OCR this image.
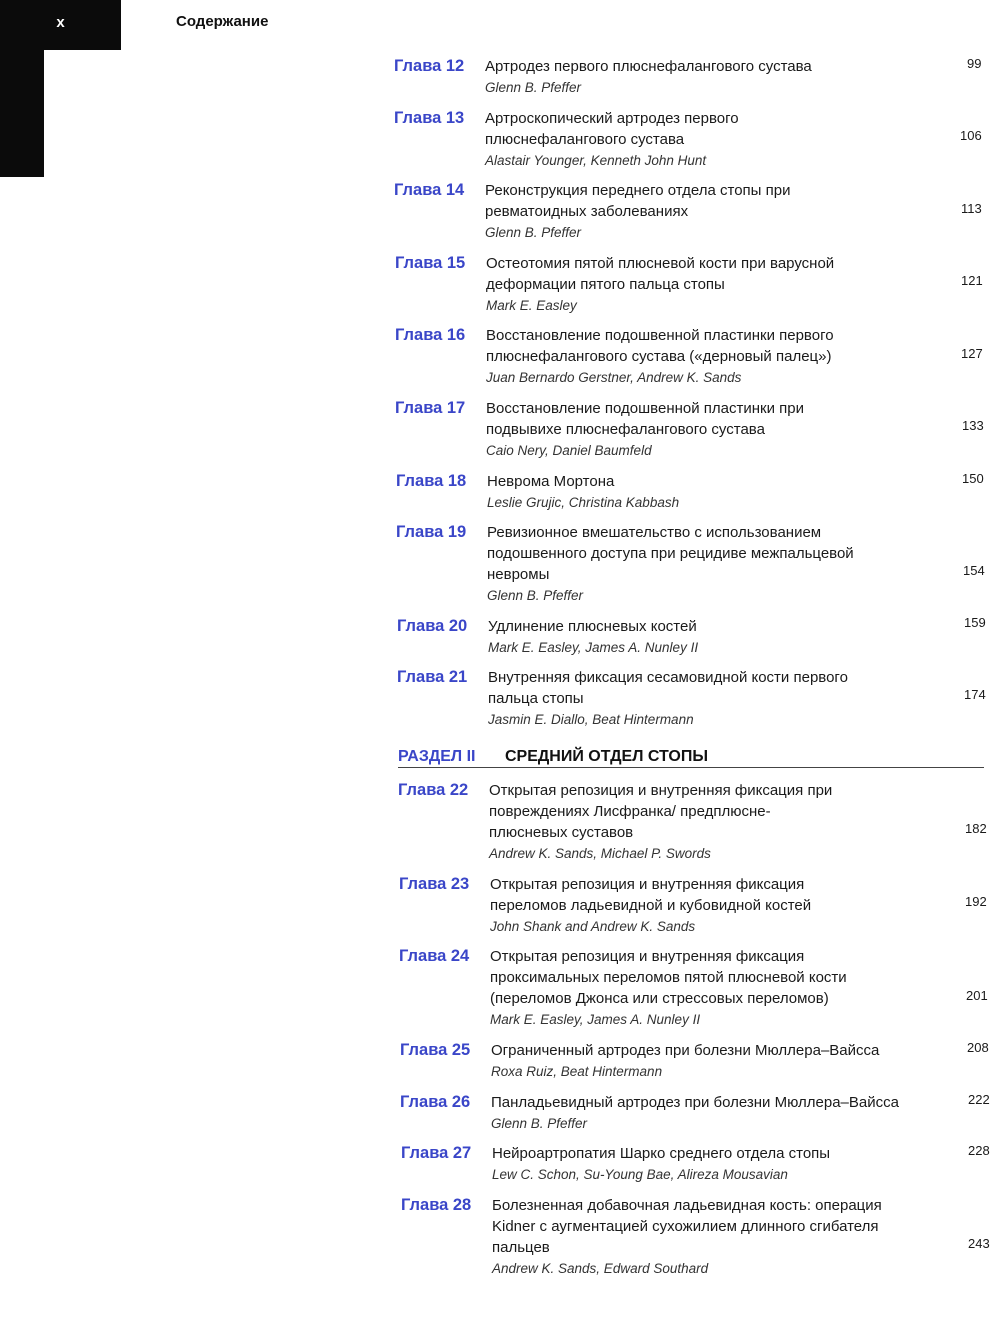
x	Содержание
Глава 12 Артродез первого плюснефалангового сустава
Glenn B. Pfeffer
99
Глава 13 Артроскопический артродез первого плюснефалангового сустава
Alastair Younger, Kenneth John Hunt
106
Глава 14 Реконструкция переднего отдела стопы при ревматоидных заболеваниях
Glenn B. Pfeffer
113
Глава 15 Остеотомия пятой плюсневой кости при варусной деформации пятого пальца стопы
Mark E. Easley
121
Глава 16 Восстановление подошвенной пластинки первого плюснефалангового сустава («дерновый палец»)
Juan Bernardo Gerstner, Andrew K. Sands
127
Глава 17 Восстановление подошвенной пластинки при подвывихе плюснефалангового сустава
Caio Nery, Daniel Baumfeld
133
Глава 18 Неврома Мортона
Leslie Grujic, Christina Kabbash
150
Глава 19 Ревизионное вмешательство с использованием подошвенного доступа при рецидиве межпальцевой невромы
Glenn B. Pfeffer
154
Глава 20 Удлинение плюсневых костей
Mark E. Easley, James A. Nunley II
159
Глава 21 Внутренняя фиксация сесамовидной кости первого пальца стопы
Jasmin E. Diallo, Beat Hintermann
174
РАЗДЕЛ II СРЕДНИЙ ОТДЕЛ СТОПЫ
Глава 22 Открытая репозиция и внутренняя фиксация при повреждениях Лисфранка/ предплюсне-плюсневых суставов
Andrew K. Sands, Michael P. Swords
182
Глава 23 Открытая репозиция и внутренняя фиксация переломов ладьевидной и кубовидной костей
John Shank and Andrew K. Sands
192
Глава 24 Открытая репозиция и внутренняя фиксация проксимальных переломов пятой плюсневой кости (переломов Джонса или стрессовых переломов)
Mark E. Easley, James A. Nunley II
201
Глава 25 Ограниченный артродез при болезни Мюллера–Вайсса
Roxa Ruiz, Beat Hintermann
208
Глава 26 Панладьевидный артродез при болезни Мюллера–Вайсса
Glenn B. Pfeffer
222
Глава 27 Нейроартропатия Шарко среднего отдела стопы
Lew C. Schon, Su-Young Bae, Alireza Mousavian
228
Глава 28 Болезненная добавочная ладьевидная кость: операция Kidner с аугментацией сухожилием длинного сгибателя пальцев
Andrew K. Sands, Edward Southard
243
